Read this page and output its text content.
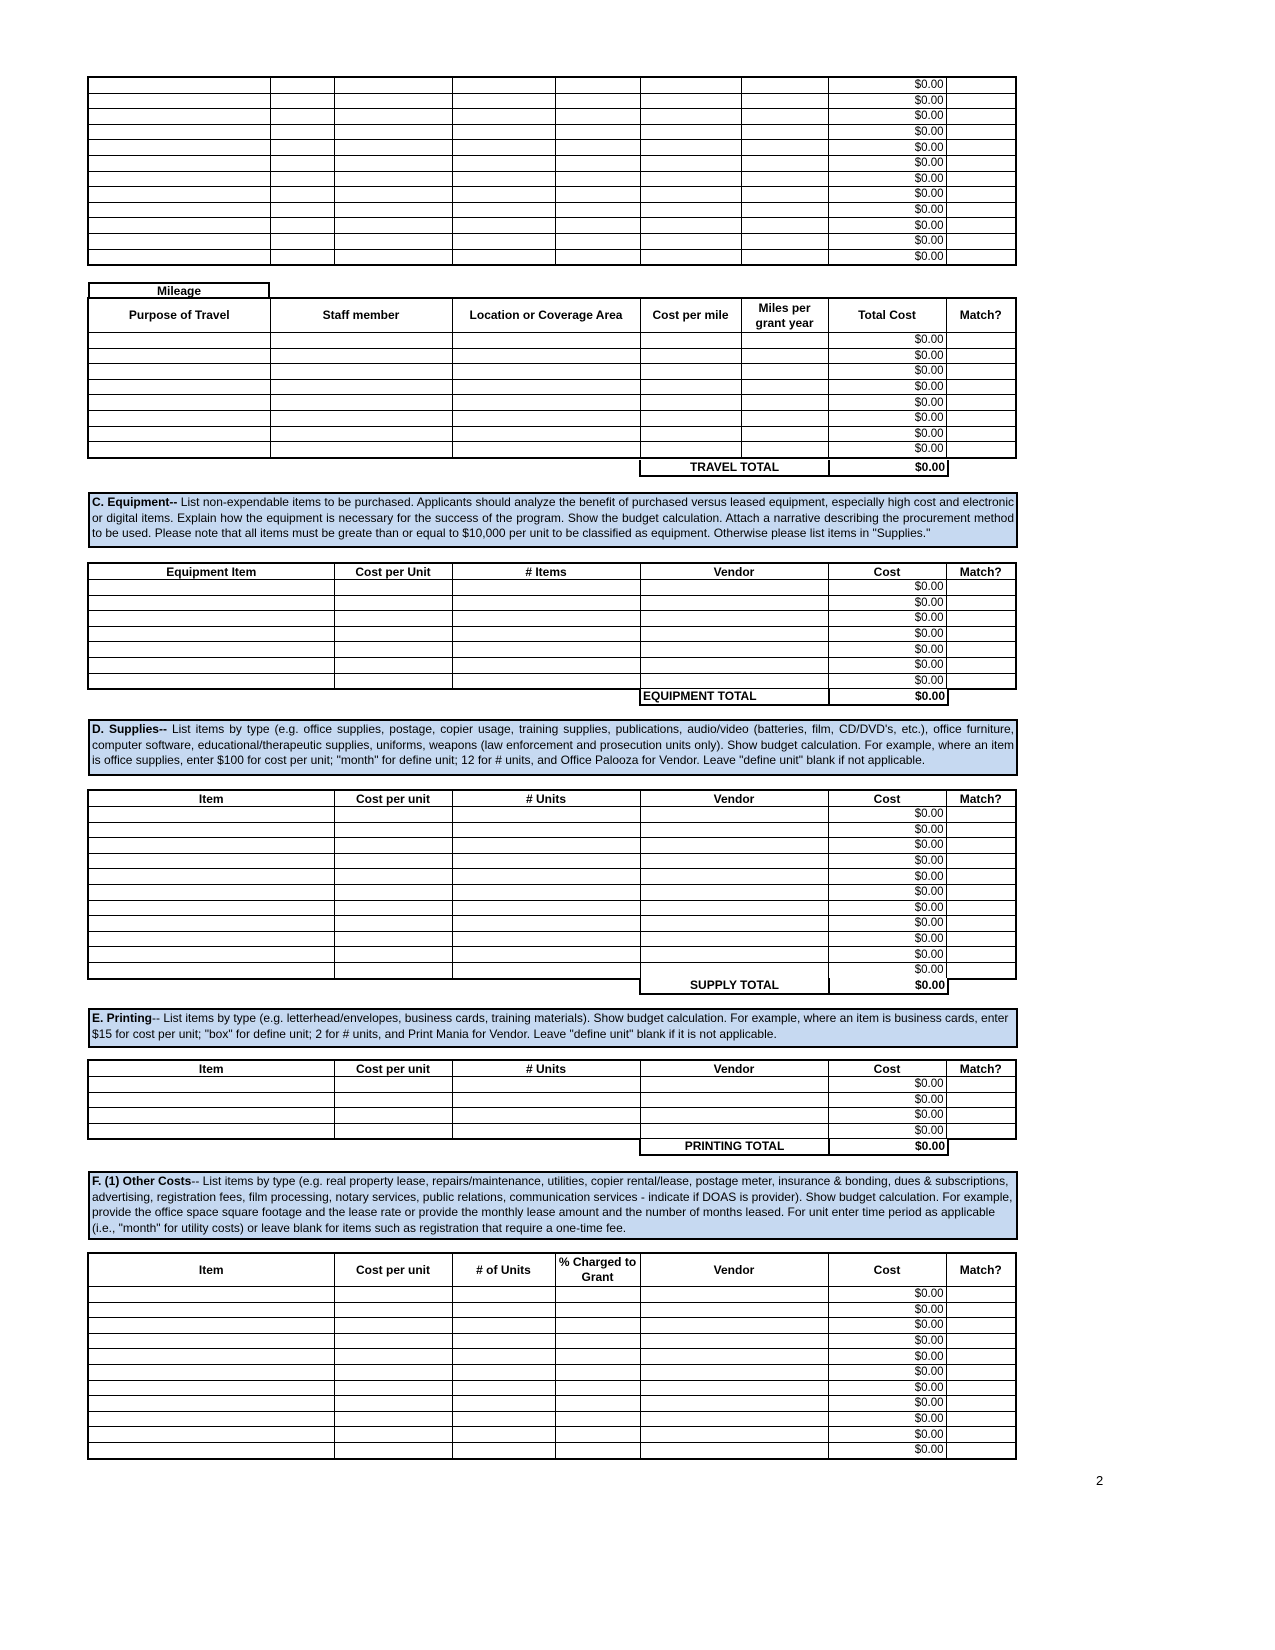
Mileage
C. Equipment-- List non-expendable items to be purchased. Applicants should analyze the benefit of purchased versus leased equipment, especially high cost and electronic or digital items. Explain how the equipment is necessary for the success of the program. Show the budget calculation. Attach a narrative describing the procurement method to be used. Please note that all items must be greate than or equal to $10,000 per unit to be classified as equipment. Otherwise please list items in "Supplies."
D. Supplies-- List items by type (e.g. office supplies, postage, copier usage, training supplies, publications, audio/video (batteries, film, CD/DVD's, etc.), office furniture, computer software, educational/therapeutic supplies, uniforms, weapons (law enforcement and prosecution units only). Show budget calculation. For example, where an item is office supplies, enter $100 for cost per unit; "month" for define unit; 12 for # units, and Office Palooza for Vendor. Leave "define unit" blank if not applicable.
E. Printing-- List items by type (e.g. letterhead/envelopes, business cards, training materials). Show budget calculation. For example, where an item is business cards, enter $15 for cost per unit; "box" for define unit; 2 for # units, and Print Mania for Vendor. Leave "define unit" blank if it is not applicable.
F. (1) Other Costs-- List items by type (e.g. real property lease, repairs/maintenance, utilities, copier rental/lease, postage meter, insurance & bonding, dues & subscriptions, advertising, registration fees, film processing, notary services, public relations, communication services - indicate if DOAS is provider). Show budget calculation. For example, provide the office space square footage and the lease rate or provide the monthly lease amount and the number of months leased. For unit enter time period as applicable (i.e., "month" for utility costs) or leave blank for items such as registration that require a one-time fee.
2
							$0.00	
							$0.00	
							$0.00	
							$0.00	
							$0.00	
							$0.00	
							$0.00	
							$0.00	
							$0.00	
							$0.00	
							$0.00	
							$0.00	
Purpose of Travel	Staff member	Location or Coverage Area	Cost per mile	Miles per grant year	Total Cost	Match?
					$0.00	
					$0.00	
					$0.00	
					$0.00	
					$0.00	
					$0.00	
					$0.00	
					$0.00	
TRAVEL TOTAL	$0.00
Equipment Item	Cost per Unit	# Items	Vendor	Cost	Match?
				$0.00	
				$0.00	
				$0.00	
				$0.00	
				$0.00	
				$0.00	
				$0.00	
EQUIPMENT TOTAL	$0.00
Item	Cost per unit	# Units	Vendor	Cost	Match?
				$0.00	
				$0.00	
				$0.00	
				$0.00	
				$0.00	
				$0.00	
				$0.00	
				$0.00	
				$0.00	
				$0.00	
				$0.00	
SUPPLY TOTAL	$0.00
Item	Cost per unit	# Units	Vendor	Cost	Match?
				$0.00	
				$0.00	
				$0.00	
				$0.00	
PRINTING TOTAL	$0.00
Item	Cost per unit	# of Units	% Charged to Grant	Vendor	Cost	Match?
					$0.00	
					$0.00	
					$0.00	
					$0.00	
					$0.00	
					$0.00	
					$0.00	
					$0.00	
					$0.00	
					$0.00	
					$0.00	
